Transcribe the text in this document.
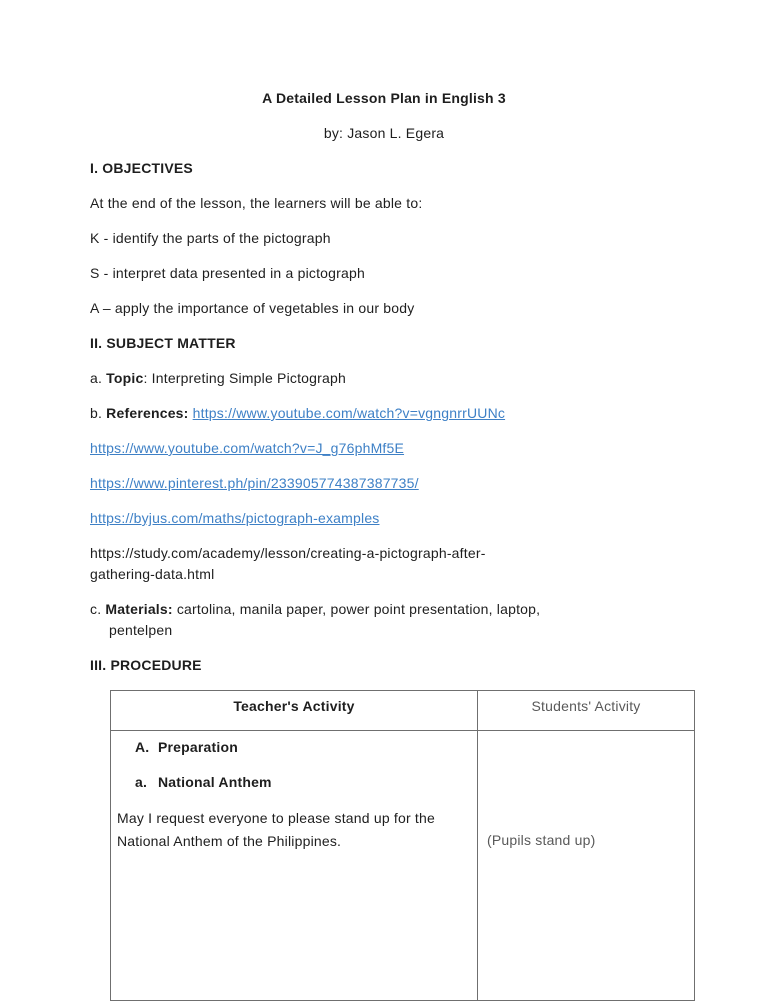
A Detailed Lesson Plan in English 3

by: Jason L. Egera

I. OBJECTIVES

At the end of the lesson, the learners will be able to:

K - identify the parts of the pictograph

S - interpret data presented in a pictograph

A – apply the importance of vegetables in our body

II. SUBJECT MATTER

a. Topic: Interpreting Simple Pictograph

b. References: https://www.youtube.com/watch?v=vgngnrrUUNc

https://www.youtube.com/watch?v=J_g76phMf5E

https://www.pinterest.ph/pin/233905774387387735/

https://byjus.com/maths/pictograph-examples

https://study.com/academy/lesson/creating-a-pictograph-after-
gathering-data.html

c. Materials: cartolina, manila paper, power point presentation, laptop,
pentelpen

III. PROCEDURE

Teacher's Activity	Students' Activity

A. Preparation

a. National Anthem

May I request everyone to please stand up for the National Anthem of the Philippines.	(Pupils stand up)
